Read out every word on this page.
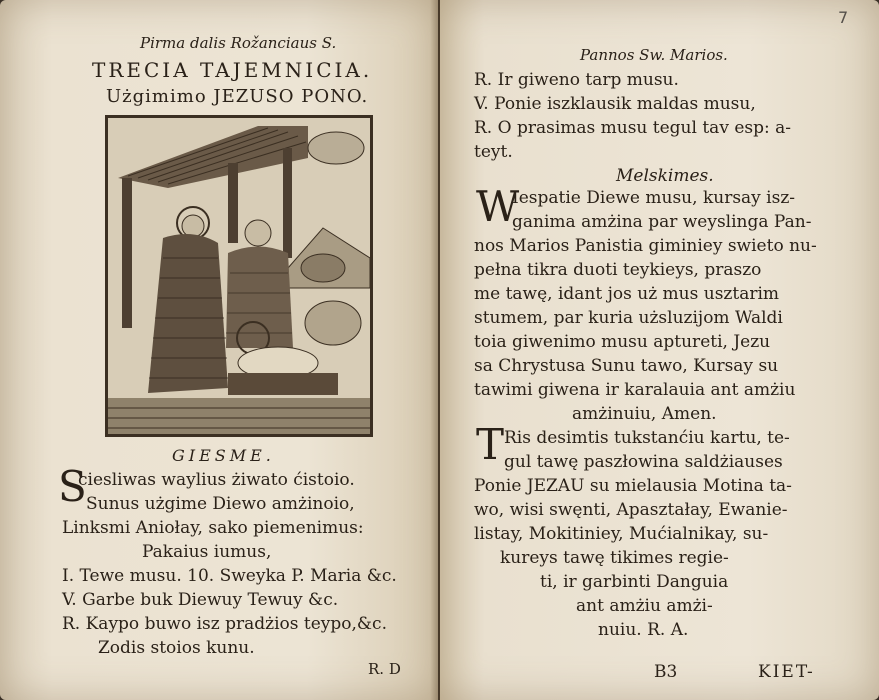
Pirma dalis Rožanciaus S.
TRECIA TAJEMNICIA.
Użgimimo JEZUSO PONO.
GIESME.
S
ciesliwas waylius żiwato ćistoio.
Sunus użgime Diewo amżinoio,
Linksmi Aniołay, sako piemenimus:
Pakaius iumus,
I. Tewe musu. 10. Sweyka P. Maria &c.
V. Garbe buk Diewuy Tewuy &c.
R. Kaypo buwo isz pradżios teypo,&c.
Zodis stoios kunu.
R. D
7
Pannos Sw. Marios.
R. Ir giweno tarp musu.
V. Ponie iszklausik maldas musu,
R. O prasimas musu tegul tav esp: a-
teyt.
Melskimes.
W
Iespatie Diewe musu, kursay isz-
ganima amżina par weyslinga Pan-
nos Marios Panistia giminiey swieto nu-
pełna tikra duoti teykieys, praszo
me tawę, idant jos uż mus usztarim
stumem, par kuria użsluzijom Waldi
toia giwenimo musu aptureti, Jezu
sa Chrystusa Sunu tawo, Kursay su
tawimi giwena ir karalauia ant amżiu
amżinuiu, Amen.
T Ris desimtis tukstanćiu kartu, te-
gul tawę paszłowina saldżiauses
Ponie JEZAU su mielausia Motina ta-
wo, wisi swęnti, Apaształay, Ewanie-
listay, Mokitiniey, Mućialnikay, su-
kureys tawę tikimes regie-
ti, ir garbinti Danguia
ant amżiu amżi-
nuiu. R. A.
B3	KIET-
